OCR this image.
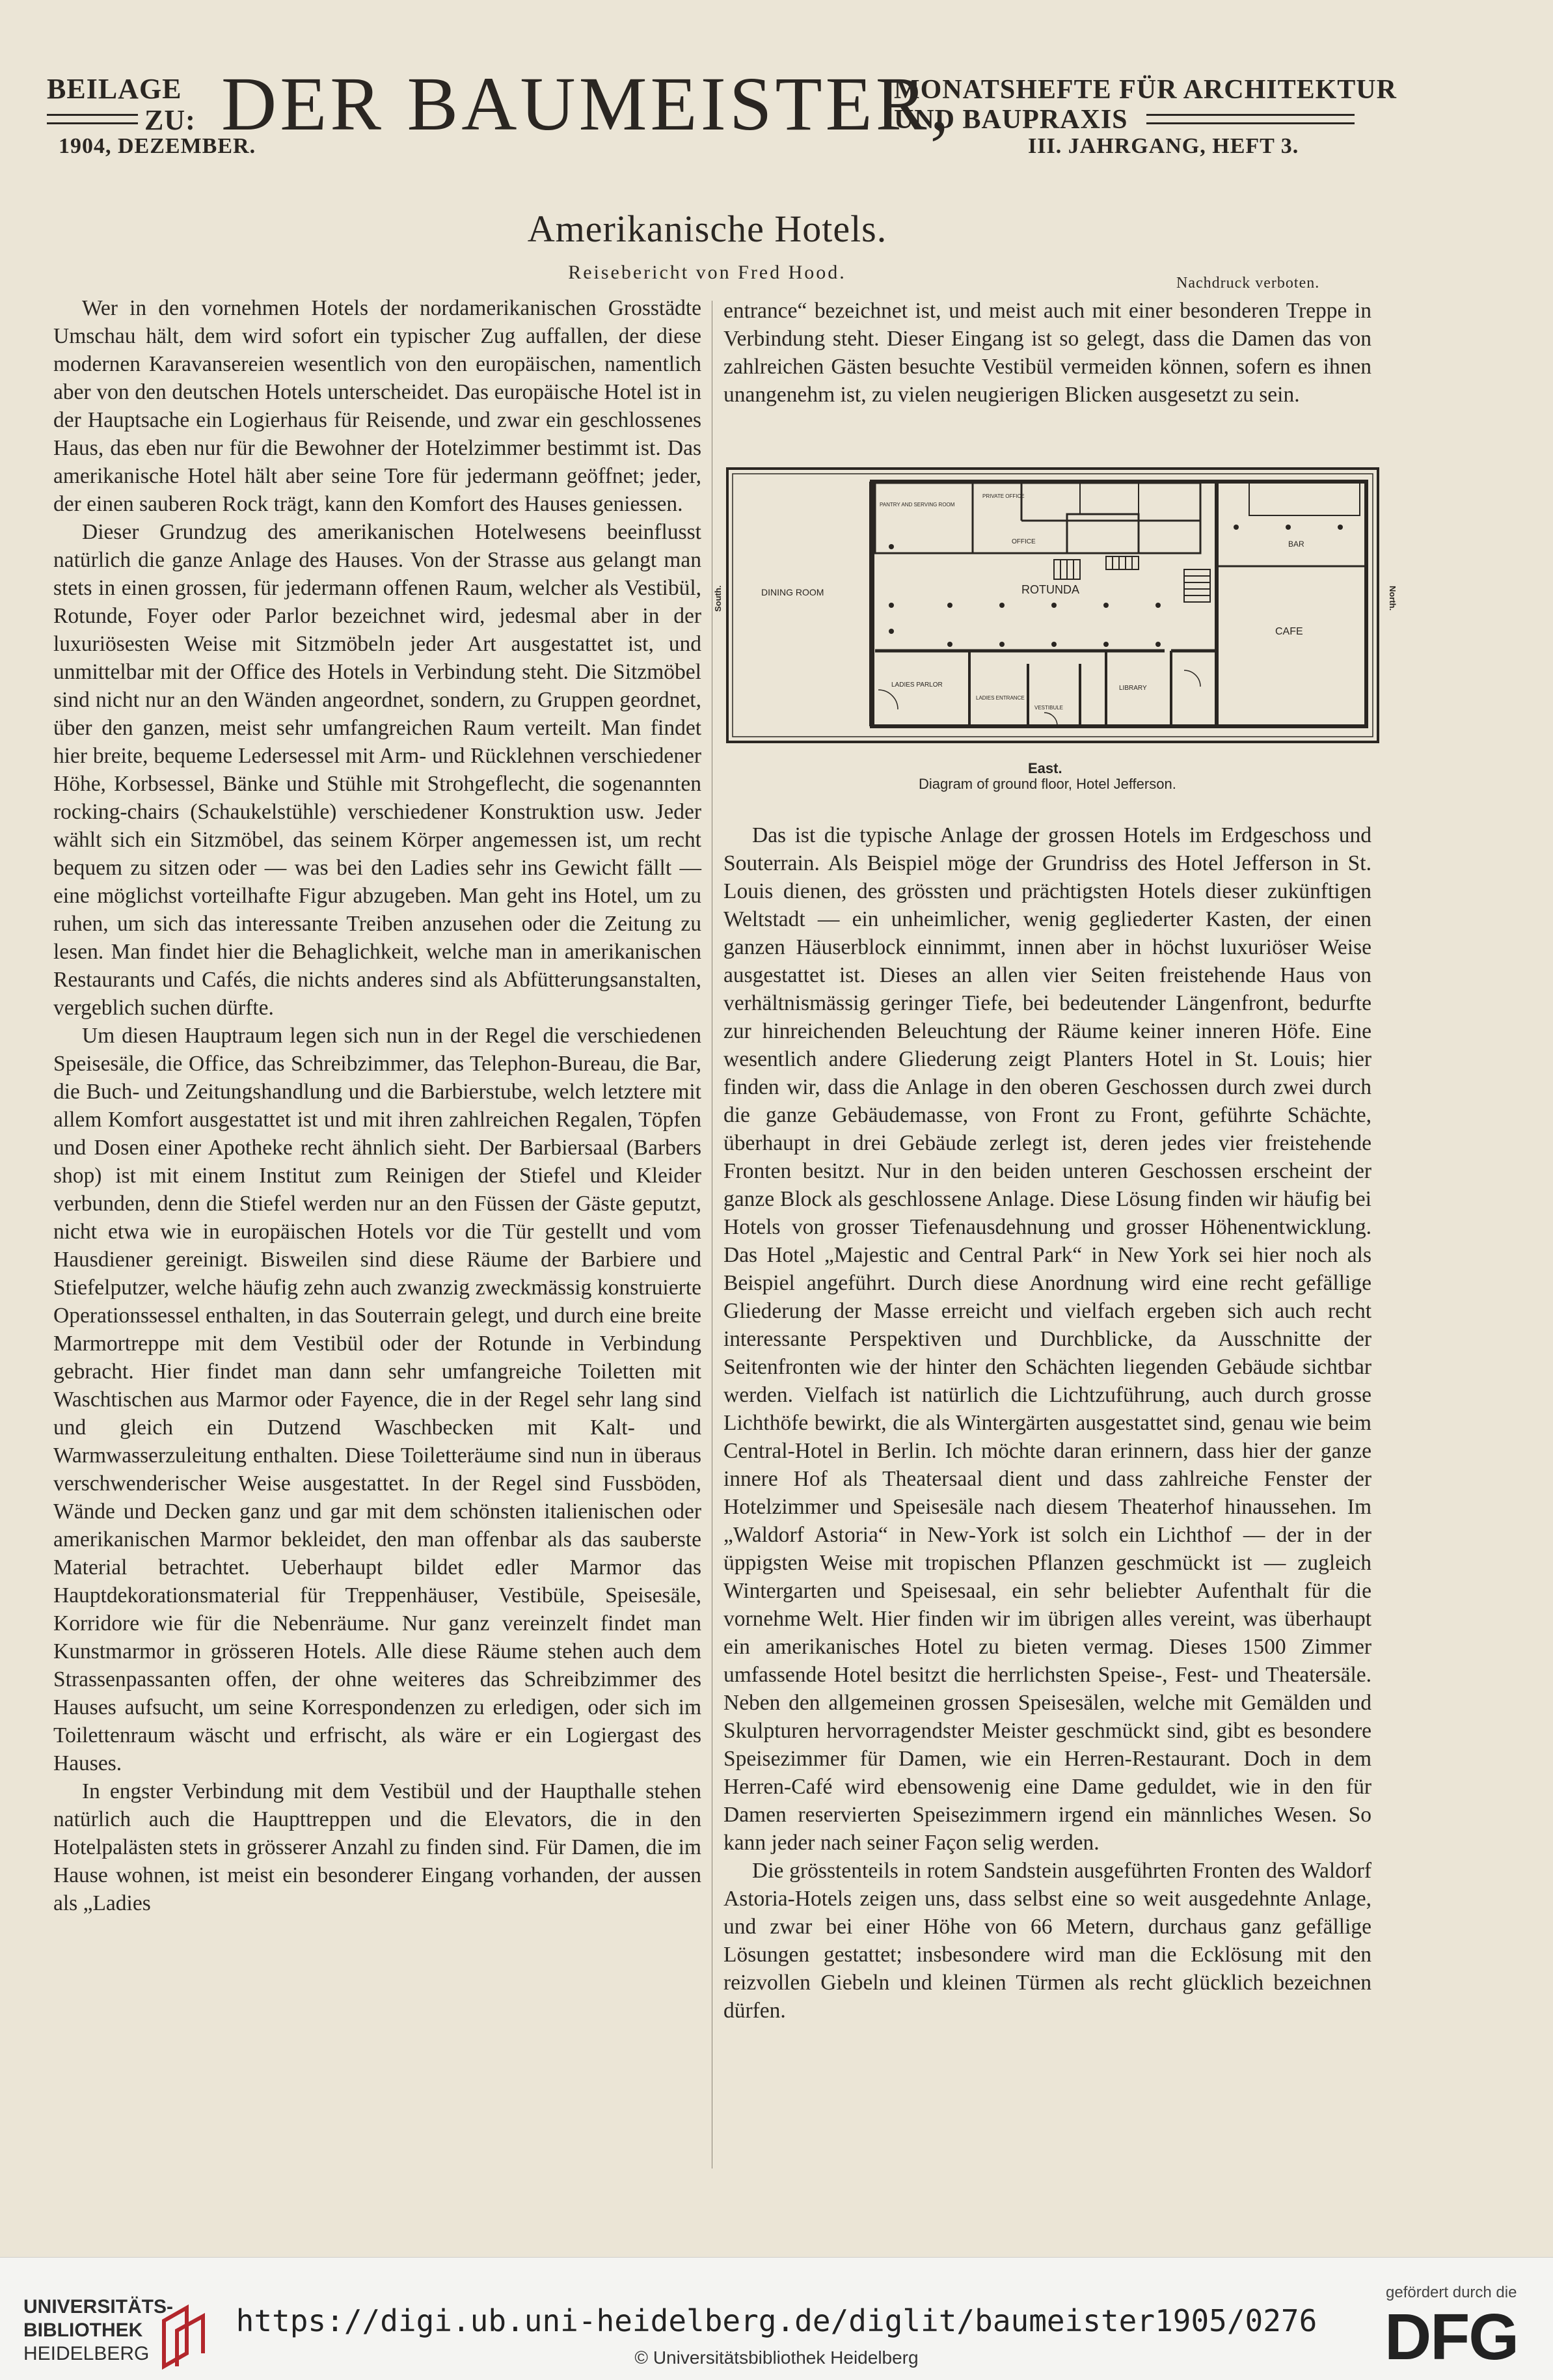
BEILAGE
ZU: DER BAUMEISTER,
MONATSHEFTE FÜR ARCHITEKTUR
UND BAUPRAXIS
1904, DEZEMBER.	III. JAHRGANG, HEFT 3.
Amerikanische Hotels.
Reisebericht von Fred Hood.	Nachdruck verboten.

Wer in den vornehmen Hotels der nordamerikanischen Grosstädte Umschau hält, dem wird sofort ein typischer Zug auffallen, der diese modernen Karavansereien wesentlich von den europäischen, namentlich aber von den deutschen Hotels unterscheidet. Das europäische Hotel ist in der Hauptsache ein Logierhaus für Reisende, und zwar ein geschlossenes Haus, das eben nur für die Bewohner der Hotelzimmer bestimmt ist. Das amerikanische Hotel hält aber seine Tore für jedermann geöffnet; jeder, der einen sauberen Rock trägt, kann den Komfort des Hauses geniessen.

Dieser Grundzug des amerikanischen Hotelwesens beeinflusst natürlich die ganze Anlage des Hauses. Von der Strasse aus gelangt man stets in einen grossen, für jedermann offenen Raum, welcher als Vestibül, Rotunde, Foyer oder Parlor bezeichnet wird, jedesmal aber in der luxuriösesten Weise mit Sitzmöbeln jeder Art ausgestattet ist, und unmittelbar mit der Office des Hotels in Verbindung steht. Die Sitzmöbel sind nicht nur an den Wänden angeordnet, sondern, zu Gruppen geordnet, über den ganzen, meist sehr umfangreichen Raum verteilt. Man findet hier breite, bequeme Ledersessel mit Arm- und Rücklehnen verschiedener Höhe, Korbsessel, Bänke und Stühle mit Strohgeflecht, die sogenannten rocking-chairs (Schaukelstühle) verschiedener Konstruktion usw. Jeder wählt sich ein Sitzmöbel, das seinem Körper angemessen ist, um recht bequem zu sitzen oder — was bei den Ladies sehr ins Gewicht fällt — eine möglichst vorteilhafte Figur abzugeben. Man geht ins Hotel, um zu ruhen, um sich das interessante Treiben anzusehen oder die Zeitung zu lesen. Man findet hier die Behaglichkeit, welche man in amerikanischen Restaurants und Cafés, die nichts anderes sind als Abfütterungsanstalten, vergeblich suchen dürfte.

Um diesen Hauptraum legen sich nun in der Regel die verschiedenen Speisesäle, die Office, das Schreibzimmer, das Telephon-Bureau, die Bar, die Buch- und Zeitungshandlung und die Barbierstube, welch letztere mit allem Komfort ausgestattet ist und mit ihren zahlreichen Regalen, Töpfen und Dosen einer Apotheke recht ähnlich sieht. Der Barbiersaal (Barbers shop) ist mit einem Institut zum Reinigen der Stiefel und Kleider verbunden, denn die Stiefel werden nur an den Füssen der Gäste geputzt, nicht etwa wie in europäischen Hotels vor die Tür gestellt und vom Hausdiener gereinigt. Bisweilen sind diese Räume der Barbiere und Stiefelputzer, welche häufig zehn auch zwanzig zweckmässig konstruierte Operationssessel enthalten, in das Souterrain gelegt, und durch eine breite Marmortreppe mit dem Vestibül oder der Rotunde in Verbindung gebracht. Hier findet man dann sehr umfangreiche Toiletten mit Waschtischen aus Marmor oder Fayence, die in der Regel sehr lang sind und gleich ein Dutzend Waschbecken mit Kalt- und Warmwasserzuleitung enthalten. Diese Toiletteräume sind nun in überaus verschwenderischer Weise ausgestattet. In der Regel sind Fussböden, Wände und Decken ganz und gar mit dem schönsten italienischen oder amerikanischen Marmor bekleidet, den man offenbar als das sauberste Material betrachtet. Ueberhaupt bildet edler Marmor das Hauptdekorationsmaterial für Treppenhäuser, Vestibüle, Speisesäle, Korridore wie für die Nebenräume. Nur ganz vereinzelt findet man Kunstmarmor in grösseren Hotels. Alle diese Räume stehen auch dem Strassenpassanten offen, der ohne weiteres das Schreibzimmer des Hauses aufsucht, um seine Korrespondenzen zu erledigen, oder sich im Toilettenraum wäscht und erfrischt, als wäre er ein Logiergast des Hauses.

In engster Verbindung mit dem Vestibül und der Haupthalle stehen natürlich auch die Haupttreppen und die Elevators, die in den Hotelpalästen stets in grösserer Anzahl zu finden sind. Für Damen, die im Hause wohnen, ist meist ein besonderer Eingang vorhanden, der aussen als „Ladies

entrance“ bezeichnet ist, und meist auch mit einer besonderen Treppe in Verbindung steht. Dieser Eingang ist so gelegt, dass die Damen das von zahlreichen Gästen besuchte Vestibül vermeiden können, sofern es ihnen unangenehm ist, zu vielen neugierigen Blicken ausgesetzt zu sein.

DINING ROOM	ROTUNDA
CAFE
BAR
OFFICE
PANTRY AND SERVING ROOM
PRIVATE OFFICE
LADIES PARLOR
LADIES ENTRANCE
VESTIBULE
LIBRARY
South.	North.
East.
Diagram of ground floor, Hotel Jefferson.

Das ist die typische Anlage der grossen Hotels im Erdgeschoss und Souterrain. Als Beispiel möge der Grundriss des Hotel Jefferson in St. Louis dienen, des grössten und prächtigsten Hotels dieser zukünftigen Weltstadt — ein unheimlicher, wenig gegliederter Kasten, der einen ganzen Häuserblock einnimmt, innen aber in höchst luxuriöser Weise ausgestattet ist. Dieses an allen vier Seiten freistehende Haus von verhältnismässig geringer Tiefe, bei bedeutender Längenfront, bedurfte zur hinreichenden Beleuchtung der Räume keiner inneren Höfe. Eine wesentlich andere Gliederung zeigt Planters Hotel in St. Louis; hier finden wir, dass die Anlage in den oberen Geschossen durch zwei durch die ganze Gebäudemasse, von Front zu Front, geführte Schächte, überhaupt in drei Gebäude zerlegt ist, deren jedes vier freistehende Fronten besitzt. Nur in den beiden unteren Geschossen erscheint der ganze Block als geschlossene Anlage. Diese Lösung finden wir häufig bei Hotels von grosser Tiefenausdehnung und grosser Höhenentwicklung. Das Hotel „Majestic and Central Park“ in New York sei hier noch als Beispiel angeführt. Durch diese Anordnung wird eine recht gefällige Gliederung der Masse erreicht und vielfach ergeben sich auch recht interessante Perspektiven und Durchblicke, da Ausschnitte der Seitenfronten wie der hinter den Schächten liegenden Gebäude sichtbar werden. Vielfach ist natürlich die Lichtzuführung, auch durch grosse Lichthöfe bewirkt, die als Wintergärten ausgestattet sind, genau wie beim Central-Hotel in Berlin. Ich möchte daran erinnern, dass hier der ganze innere Hof als Theatersaal dient und dass zahlreiche Fenster der Hotelzimmer und Speisesäle nach diesem Theaterhof hinaussehen. Im „Waldorf Astoria“ in New-York ist solch ein Lichthof — der in der üppigsten Weise mit tropischen Pflanzen geschmückt ist — zugleich Wintergarten und Speisesaal, ein sehr beliebter Aufenthalt für die vornehme Welt. Hier finden wir im übrigen alles vereint, was überhaupt ein amerikanisches Hotel zu bieten vermag. Dieses 1500 Zimmer umfassende Hotel besitzt die herrlichsten Speise-, Fest- und Theatersäle. Neben den allgemeinen grossen Speisesälen, welche mit Gemälden und Skulpturen hervorragendster Meister geschmückt sind, gibt es besondere Speisezimmer für Damen, wie ein Herren-Restaurant. Doch in dem Herren-Café wird ebensowenig eine Dame geduldet, wie in den für Damen reservierten Speisezimmern irgend ein männliches Wesen. So kann jeder nach seiner Façon selig werden.

Die grösstenteils in rotem Sandstein ausgeführten Fronten des Waldorf Astoria-Hotels zeigen uns, dass selbst eine so weit ausgedehnte Anlage, und zwar bei einer Höhe von 66 Metern, durchaus ganz gefällige Lösungen gestattet; insbesondere wird man die Ecklösung mit den reizvollen Giebeln und kleinen Türmen als recht glücklich bezeichnen dürfen.

UNIVERSITÄTS-
BIBLIOTHEK
HEIDELBERG
https://digi.ub.uni-heidelberg.de/diglit/baumeister1905/0276
© Universitätsbibliothek Heidelberg
gefördert durch die
DFG
